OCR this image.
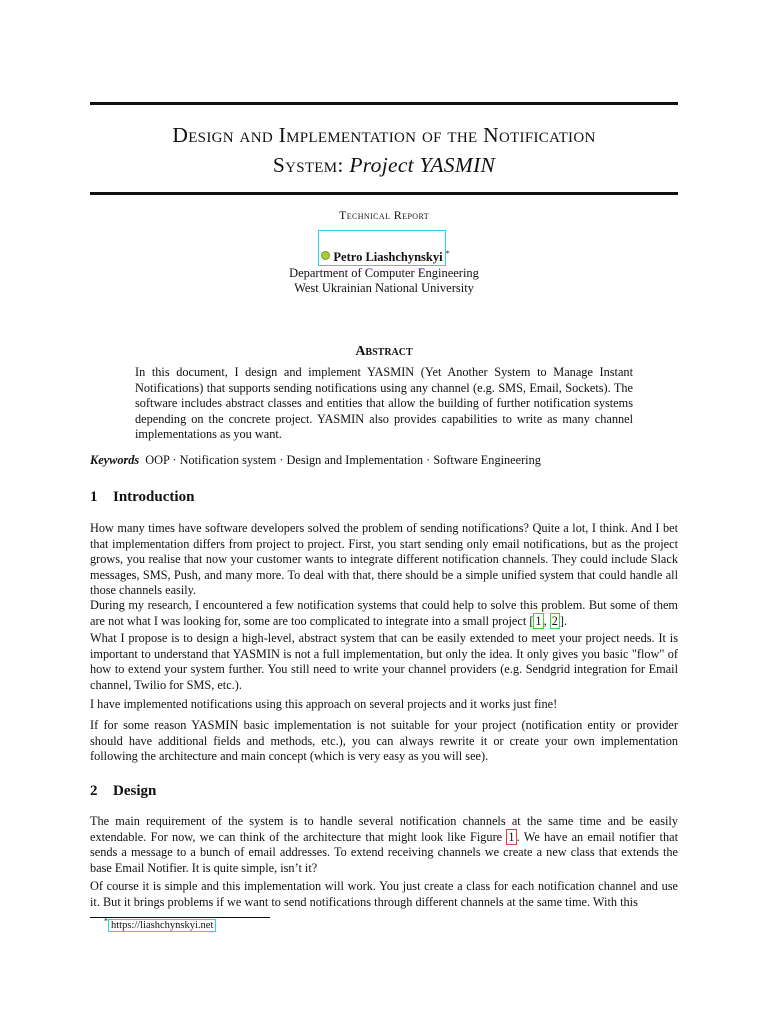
Design and Implementation of the Notification
System: Project YASMIN
Technical Report
Petro Liashchynskyi *
Department of Computer Engineering
West Ukrainian National University
Abstract

In this document, I design and implement YASMIN (Yet Another System to Manage Instant Notifications) that supports sending notifications using any channel (e.g. SMS, Email, Sockets). The software includes abstract classes and entities that allow the building of further notification systems depending on the concrete project. YASMIN also provides capabilities to write as many channel implementations as you want.

Keywords OOP · Notification system · Design and Implementation · Software Engineering

1 Introduction

How many times have software developers solved the problem of sending notifications? Quite a lot, I think. And I bet that implementation differs from project to project. First, you start sending only email notifications, but as the project grows, you realise that now your customer wants to integrate different notification channels. They could include Slack messages, SMS, Push, and many more. To deal with that, there should be a simple unified system that could handle all those channels easily.

During my research, I encountered a few notification systems that could help to solve this problem. But some of them are not what I was looking for, some are too complicated to integrate into a small project [ 1 , 2 ].

What I propose is to design a high-level, abstract system that can be easily extended to meet your project needs. It is important to understand that YASMIN is not a full implementation, but only the idea. It only gives you basic "flow" of how to extend your system further. You still need to write your channel providers (e.g. Sendgrid integration for Email channel, Twilio for SMS, etc.).

I have implemented notifications using this approach on several projects and it works just fine!

If for some reason YASMIN basic implementation is not suitable for your project (notification entity or provider should have additional fields and methods, etc.), you can always rewrite it or create your own implementation following the architecture and main concept (which is very easy as you will see).

2 Design

The main requirement of the system is to handle several notification channels at the same time and be easily extendable. For now, we can think of the architecture that might look like Figure 1 . We have an email notifier that sends a message to a bunch of email addresses. To extend receiving channels we create a new class that extends the base Email Notifier. It is quite simple, isn’t it?

Of course it is simple and this implementation will work. You just create a class for each notification channel and use it. But it brings problems if we want to send notifications through different channels at the same time. With this

* https://liashchynskyi.net
